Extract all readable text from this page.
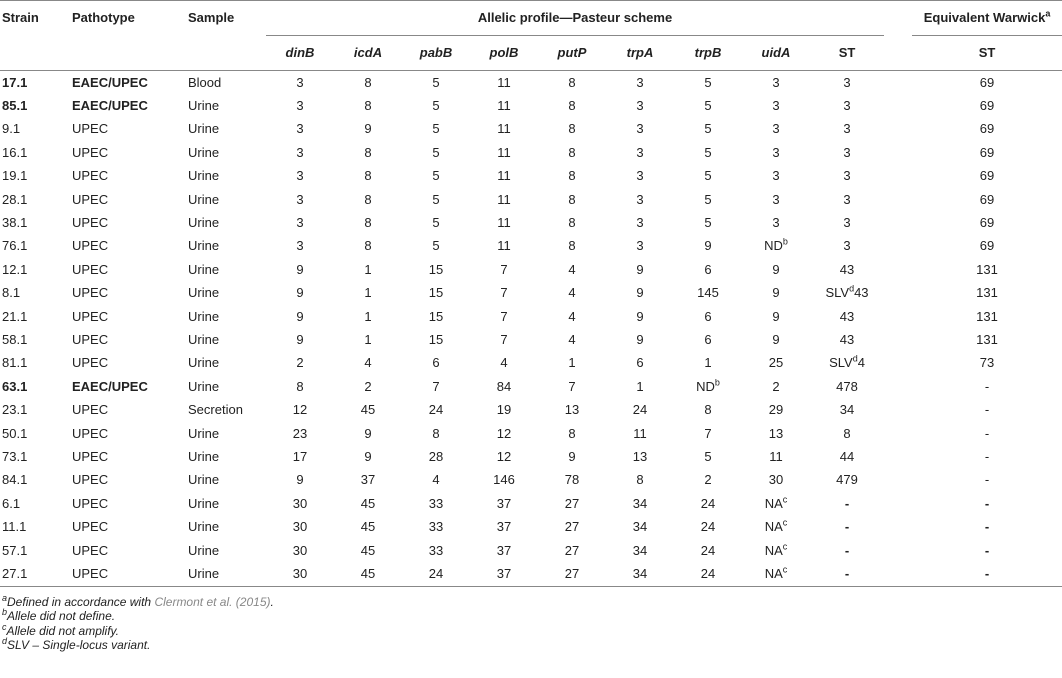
Strain	Pathotype	Sample	Allelic profile—Pasteur scheme										Equivalent Warwick$^a$
			dinB	icdA	pabB	polB	putP	trpA	trpB	uidA	ST		ST
17.1	EAEC/UPEC	Blood	3	8	5	11	8	3	5	3	3		69
85.1	EAEC/UPEC	Urine	3	8	5	11	8	3	5	3	3		69
9.1	UPEC	Urine	3	9	5	11	8	3	5	3	3		69
16.1	UPEC	Urine	3	8	5	11	8	3	5	3	3		69
19.1	UPEC	Urine	3	8	5	11	8	3	5	3	3		69
28.1	UPEC	Urine	3	8	5	11	8	3	5	3	3		69
38.1	UPEC	Urine	3	8	5	11	8	3	5	3	3		69
76.1	UPEC	Urine	3	8	5	11	8	3	9	$ND^b$	3		69
12.1	UPEC	Urine	9	1	15	7	4	9	6	9	43		131
8.1	UPEC	Urine	9	1	15	7	4	9	145	9	SLV$^d$43		131
21.1	UPEC	Urine	9	1	15	7	4	9	6	9	43		131
58.1	UPEC	Urine	9	1	15	7	4	9	6	9	43		131
81.1	UPEC	Urine	2	4	6	4	1	6	1	25	SLV$^d$4		73
63.1	EAEC/UPEC	Urine	8	2	7	84	7	1	$ND^b$	2	478		-
23.1	UPEC	Secretion	12	45	24	19	13	24	8	29	34		-
50.1	UPEC	Urine	23	9	8	12	8	11	7	13	8		-
73.1	UPEC	Urine	17	9	28	12	9	13	5	11	44		-
84.1	UPEC	Urine	9	37	4	146	78	8	2	30	479		-
6.1	UPEC	Urine	30	45	33	37	27	34	24	$NA^c$	-		-
11.1	UPEC	Urine	30	45	33	37	27	34	24	$NA^c$	-		-
57.1	UPEC	Urine	30	45	33	37	27	34	24	$NA^c$	-		-
27.1	UPEC	Urine	30	45	24	37	27	34	24	$NA^c$	-		-
$^a$Defined in accordance with Clermont et al. (2015).
$^b$Allele did not define.
$^c$Allele did not amplify.
$^d$SLV – Single-locus variant.
